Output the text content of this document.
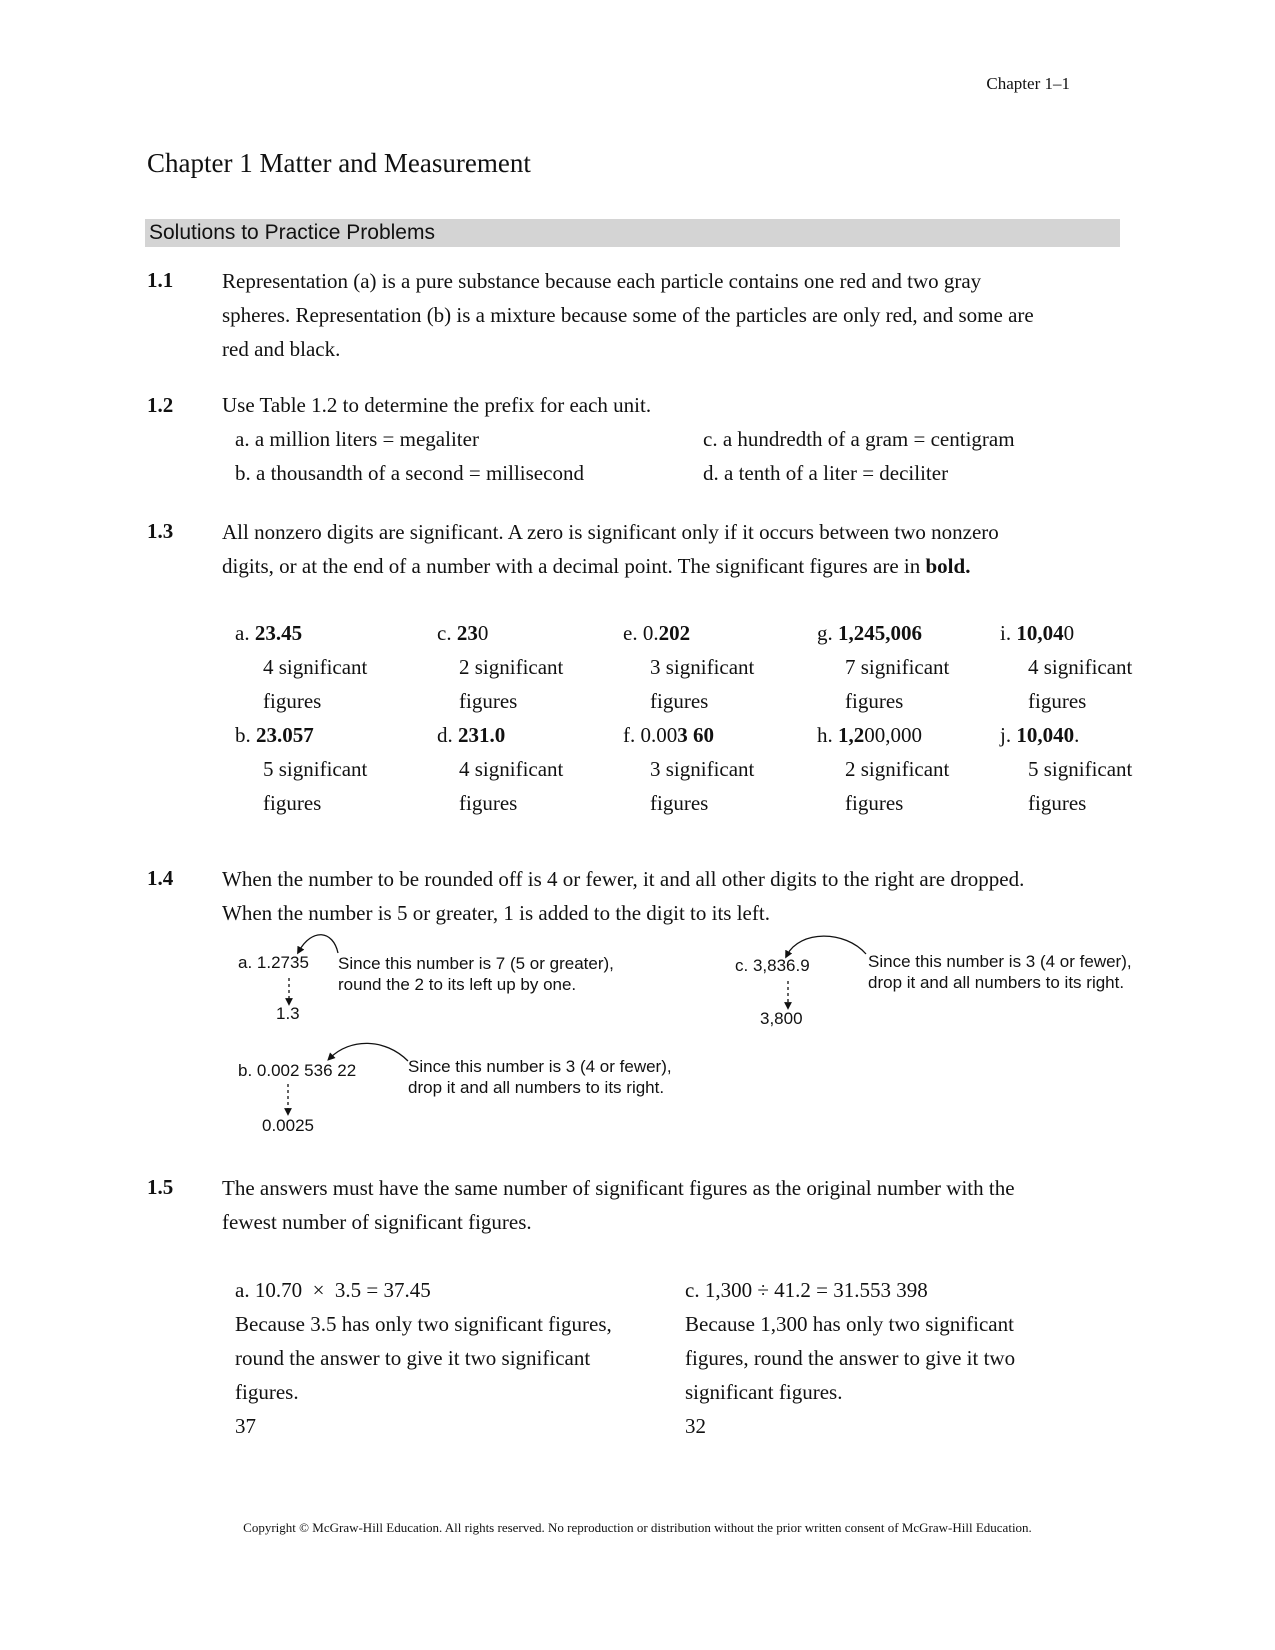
Chapter 1–1
Chapter 1 Matter and Measurement
Solutions to Practice Problems
1.1 Representation (a) is a pure substance because each particle contains one red and two gray
spheres. Representation (b) is a mixture because some of the particles are only red, and some are
red and black.
1.2 Use Table 1.2 to determine the prefix for each unit.
a. a million liters = megaliter
b. a thousandth of a second = millisecond
c. a hundredth of a gram = centigram
d. a tenth of a liter = deciliter
1.3 All nonzero digits are significant. A zero is significant only if it occurs between two nonzero
digits, or at the end of a number with a decimal point. The significant figures are in bold.
a. 23.45
4 significant
figures
b. 23.057
5 significant
figures
c. 230
2 significant
figures
d. 231.0
4 significant
figures
e. 0.202
3 significant
figures
f. 0.003 60
3 significant
figures
g. 1,245,006
7 significant
figures
h. 1,200,000
2 significant
figures
i. 10,040
4 significant
figures
j. 10,040.
5 significant
figures
1.4 When the number to be rounded off is 4 or fewer, it and all other digits to the right are dropped.
When the number is 5 or greater, 1 is added to the digit to its left.
a. 1.2735 Since this number is 7 (5 or greater),
round the 2 to its left up by one.
1.3
b. 0.002 536 22	Since this number is 3 (4 or fewer),
drop it and all numbers to its right.
0.0025
c. 3,836.9	Since this number is 3 (4 or fewer),
drop it and all numbers to its right.
3,800
1.5 The answers must have the same number of significant figures as the original number with the
fewest number of significant figures.
a. 10.70  ×  3.5 = 37.45
Because 3.5 has only two significant figures,
round the answer to give it two significant
figures.
37
c. 1,300 ÷ 41.2 = 31.553 398
Because 1,300 has only two significant
figures, round the answer to give it two
significant figures.
32
Copyright © McGraw-Hill Education. All rights reserved. No reproduction or distribution without the prior written consent of McGraw-Hill Education.
